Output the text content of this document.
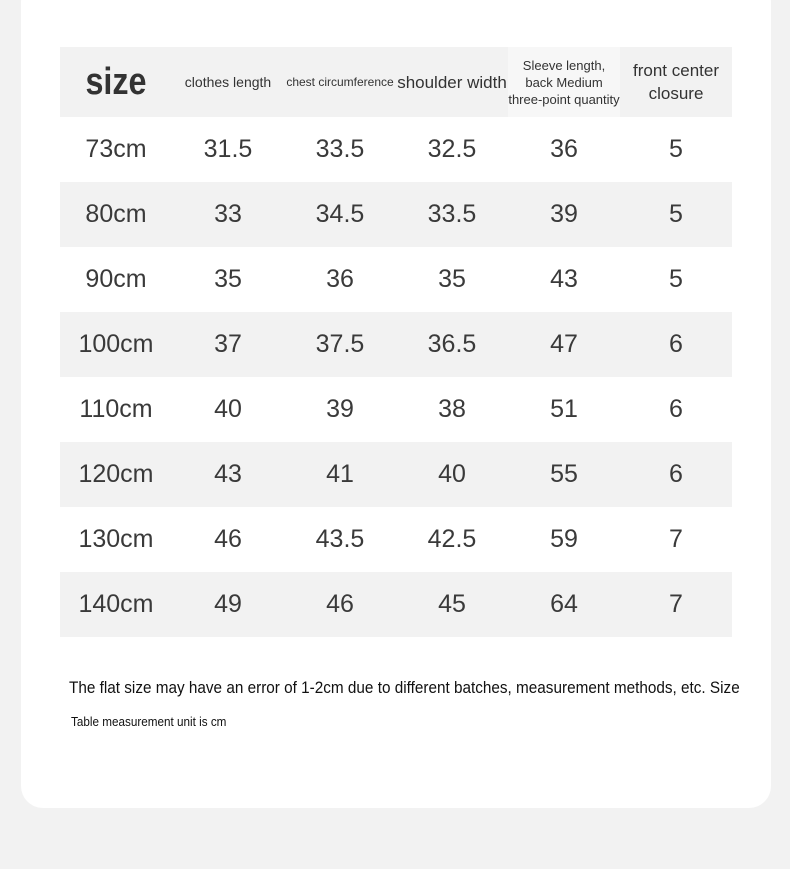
size	clothes length	chest circumference	shoulder width	Sleeve length, back Medium three-point quantity	front center closure
73cm	31.5	33.5	32.5	36	5
80cm	33	34.5	33.5	39	5
90cm	35	36	35	43	5
100cm	37	37.5	36.5	47	6
110cm	40	39	38	51	6
120cm	43	41	40	55	6
130cm	46	43.5	42.5	59	7
140cm	49	46	45	64	7
The flat size may have an error of 1-2cm due to different batches, measurement methods, etc. Size
Table measurement unit is cm
